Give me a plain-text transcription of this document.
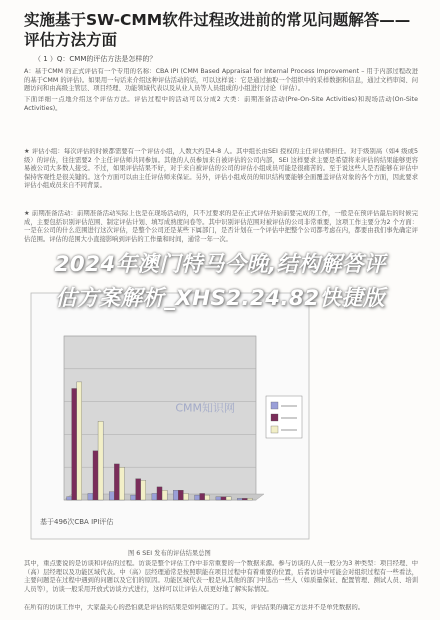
实施基于SW-CMM软件过程改进前的常见问题解答——评估方法方面
（ 1 ）Q：CMM的评估方法是怎样的？
A：基于CMM 的正式评估有一个专用的名称：CBA IPI (CMM Based Appraisal for Internal Process Improvement – 用于内部过程改进的基于CMM 的评估)。如果用一句话来介绍这种评估活动的话，可以这样说：它是通过抽取一个组织中的采样数据和信息，通过文档审阅、问题访问和由高级主管层、项目经理、功能领域代表以及从业人员等人员组成的小组进行讨论（评估）。
下面详细一点地介绍这个评估方法。评估过程中的活动可以分成2 大类：前期准备活动(Pre-On-Site Activities)和现场活动(On-Site Activities)。
★ 评估小组：每次评估的时候都需要有一个评估小组，人数大约是4-8 人。其中组长由SEI 授权的主任评估师担任。对于级别高（如4 级或5 级）的评估，往往需要2 个主任评估师共同参加。其他的人员参加来自被评估的公司内部，SEI 这样要求主要是希望将来评估的结果能够更容易被公司大多数人接受。不过，如果评估结果不好，对于来自被评估的公司的评估小组成员可能是很痛苦的。至于说这些人是否能够在评估中保持客观性是很关键的。这个方面可以由主任评估师来保证。另外，评估小组成员的知识结构要能够全面覆盖评估对象的各个方面，因此要求评估小组成员来自不同背景。
★ 前期准备活动：前期准备活动实际上也是在现场活动的，只不过要求的是在正式评估开始前要完成的工作，一般是在预评估最后的时候完成，主要包括识别评估范围、制定评估计划、填写成熟度问卷等。其中识别评估范围对被评估的公司非常重要，这项工作主要分为2 个方面：一是在公司的什么范围进行这次评估，是整个公司还是某些下属部门，是否计划在一个评估中把整个公司都考虑在内，都要由我们事先确定评估范围。评估的范围大小直接影响到评估的工作量和时间，通常一年一次。
CMM知识网
基于496次CBA IPI评估
2024年澳门特马今晚,结构解答评
估方案解析_XHS2.24.82快捷版
图 6 SEI 发布的评估结果总图
其中，重点要说的是访谈和评估的过程。访谈是整个评估工作中非常重要的一个数据来源。参与访谈的人员一般分为3 种类型：项目经理、中（高）层经理以及功能区域代表。中（高）层经理通常是按照职能在项目过程中有着重要的位置，后者访谈中可能会对组织过程有一些看法，主要问题是在过程中遇到的问题以及它们的原因。功能区域代表一般是从其他的部门中选出一些人（如质量保证、配置管理、测试人员、培训人员等），访谈一般采用开放式访谈方式进行，这样可以让评估人员更好地了解实际情况。
在所有的访谈工作中，大家最关心的恐怕就是评估的结果是如何确定的了。其实，评估结果的确定方法并不是单凭数据的。
